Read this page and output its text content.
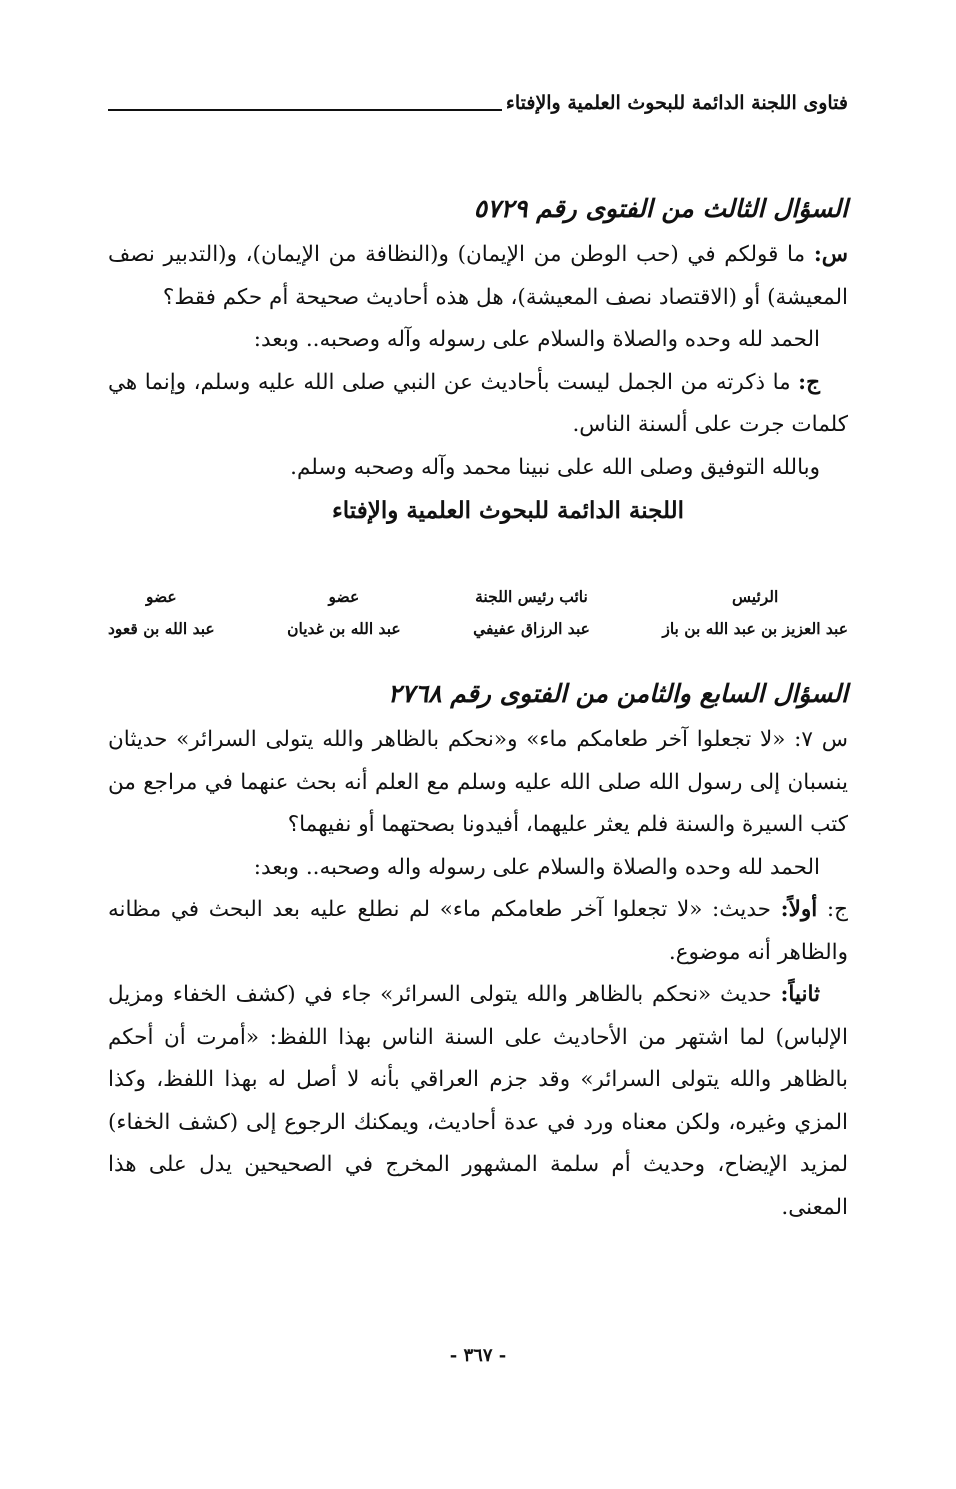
فتاوى اللجنة الدائمة للبحوث العلمية والإفتاء

السؤال الثالث من الفتوى رقم ٥٧٢٩

س: ما قولكم في (حب الوطن من الإيمان) و(النظافة من الإيمان)، و(التدبير نصف المعيشة) أو (الاقتصاد نصف المعيشة)، هل هذه أحاديث صحيحة أم حكم فقط؟

الحمد لله وحده والصلاة والسلام على رسوله وآله وصحبه.. وبعد:

ج: ما ذكرته من الجمل ليست بأحاديث عن النبي صلى الله عليه وسلم، وإنما هي كلمات جرت على ألسنة الناس.

وبالله التوفيق وصلى الله على نبينا محمد وآله وصحبه وسلم.

اللجنة الدائمة للبحوث العلمية والإفتاء

الرئيس
عبد العزيز بن عبد الله بن باز
نائب رئيس اللجنة
عبد الرزاق عفيفي
عضو
عبد الله بن غديان
عضو
عبد الله بن قعود

السؤال السابع والثامن من الفتوى رقم ٢٧٦٨

س ٧: «لا تجعلوا آخر طعامكم ماء» و«نحكم بالظاهر والله يتولى السرائر» حديثان ينسبان إلى رسول الله صلى الله عليه وسلم مع العلم أنه بحث عنهما في مراجع من كتب السيرة والسنة فلم يعثر عليهما، أفيدونا بصحتهما أو نفيهما؟

الحمد لله وحده والصلاة والسلام على رسوله واله وصحبه.. وبعد:

ج: أولاً: حديث: «لا تجعلوا آخر طعامكم ماء» لم نطلع عليه بعد البحث في مظانه والظاهر أنه موضوع.

ثانياً: حديث «نحكم بالظاهر والله يتولى السرائر» جاء في (كشف الخفاء ومزيل الإلباس) لما اشتهر من الأحاديث على السنة الناس بهذا اللفظ: «أمرت أن أحكم بالظاهر والله يتولى السرائر» وقد جزم العراقي بأنه لا أصل له بهذا اللفظ، وكذا المزي وغيره، ولكن معناه ورد في عدة أحاديث، ويمكنك الرجوع إلى (كشف الخفاء) لمزيد الإيضاح، وحديث أم سلمة المشهور المخرج في الصحيحين يدل على هذا المعنى.

- ٣٦٧ -
